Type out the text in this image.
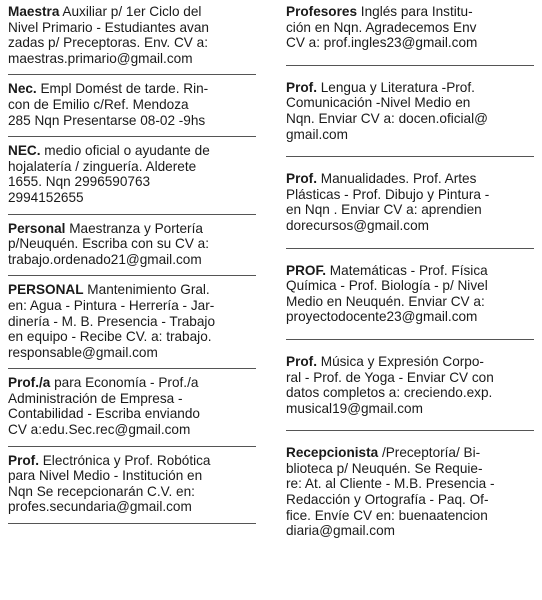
Maestra Auxiliar p/ 1er Ciclo del
Nivel Primario - Estudiantes avan
zadas p/ Preceptoras. Env. CV a:
maestras.primario@gmail.com
Nec. Empl Domést de tarde. Rin-
con de Emilio c/Ref. Mendoza
285 Nqn Presentarse 08-02 -9hs
NEC. medio oficial o ayudante de
hojalatería / zinguería. Alderete
1655. Nqn 2996590763
2994152655
Personal Maestranza y Portería
p/Neuquén. Escriba con su CV a:
trabajo.ordenado21@gmail.com
PERSONAL Mantenimiento Gral.
en: Agua - Pintura - Herrería - Jar-
dinería - M. B. Presencia - Trabajo
en equipo - Recibe CV. a: trabajo.
responsable@gmail.com
Prof./a para Economía - Prof./a
Administración de Empresa -
Contabilidad - Escriba enviando
CV a:edu.Sec.rec@gmail.com
Prof. Electrónica y Prof. Robótica
para Nivel Medio - Institución en
Nqn Se recepcionarán C.V. en:
profes.secundaria@gmail.com
Profesores Inglés para Institu-
ción en Nqn. Agradecemos Env
CV a: prof.ingles23@gmail.com
Prof. Lengua y Literatura -Prof.
Comunicación -Nivel Medio en
Nqn. Enviar CV a: docen.oficial@
gmail.com
Prof. Manualidades. Prof. Artes
Plásticas - Prof. Dibujo y Pintura -
en Nqn . Enviar CV a: aprendien
dorecursos@gmail.com
PROF. Matemáticas - Prof. Física
Química - Prof. Biología - p/ Nivel
Medio en Neuquén. Enviar CV a:
proyectodocente23@gmail.com
Prof. Música y Expresión Corpo-
ral - Prof. de Yoga - Enviar CV con
datos completos a: creciendo.exp.
musical19@gmail.com
Recepcionista /Preceptoría/ Bi-
blioteca p/ Neuquén. Se Requie-
re: At. al Cliente - M.B. Presencia -
Redacción y Ortografía - Paq. Of-
fice. Envíe CV en: buenaatencion
diaria@gmail.com
